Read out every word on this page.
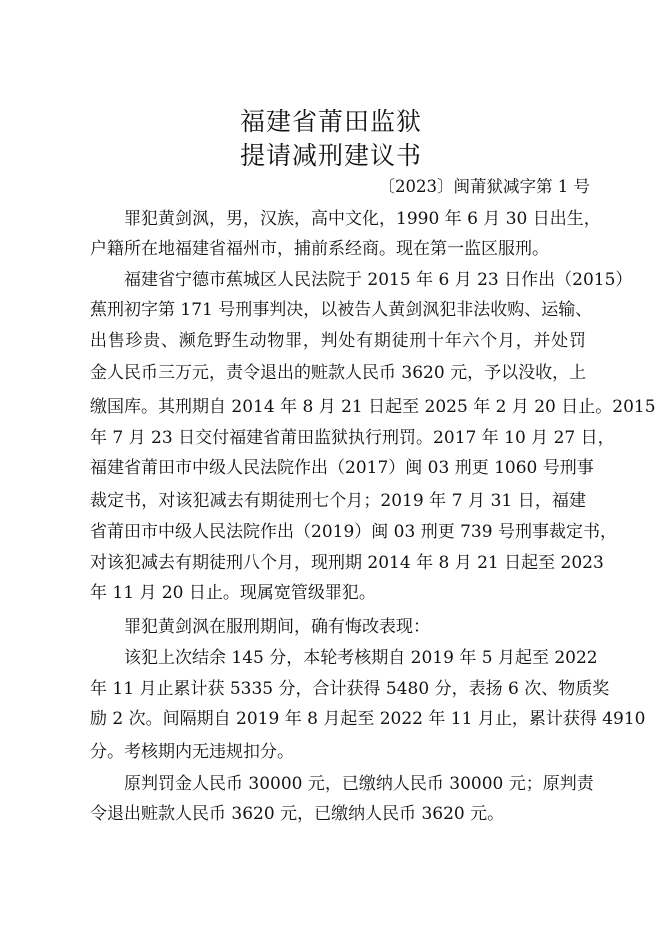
福建省莆田监狱
提请减刑建议书
〔2023〕闽莆狱减字第 1 号
罪犯黄剑沨，男，汉族，高中文化，1990 年 6 月 30 日出生，
户籍所在地福建省福州市，捕前系经商。现在第一监区服刑。
福建省宁德市蕉城区人民法院于 2015 年 6 月 23 日作出（2015）
蕉刑初字第 171 号刑事判决，以被告人黄剑沨犯非法收购、运输、
出售珍贵、濒危野生动物罪，判处有期徒刑十年六个月，并处罚
金人民币三万元，责令退出的赃款人民币 3620 元，予以没收，上
缴国库。其刑期自 2014 年 8 月 21 日起至 2025 年 2 月 20 日止。2015
年 7 月 23 日交付福建省莆田监狱执行刑罚。2017 年 10 月 27 日，
福建省莆田市中级人民法院作出（2017）闽 03 刑更 1060 号刑事
裁定书，对该犯减去有期徒刑七个月；2019 年 7 月 31 日，福建
省莆田市中级人民法院作出（2019）闽 03 刑更 739 号刑事裁定书，
对该犯减去有期徒刑八个月，现刑期 2014 年 8 月 21 日起至 2023
年 11 月 20 日止。现属宽管级罪犯。
罪犯黄剑沨在服刑期间，确有悔改表现：
该犯上次结余 145 分，本轮考核期自 2019 年 5 月起至 2022
年 11 月止累计获 5335 分，合计获得 5480 分，表扬 6 次、物质奖
励 2 次。间隔期自 2019 年 8 月起至 2022 年 11 月止，累计获得 4910
分。考核期内无违规扣分。
原判罚金人民币 30000 元，已缴纳人民币 30000 元；原判责
令退出赃款人民币 3620 元，已缴纳人民币 3620 元。
